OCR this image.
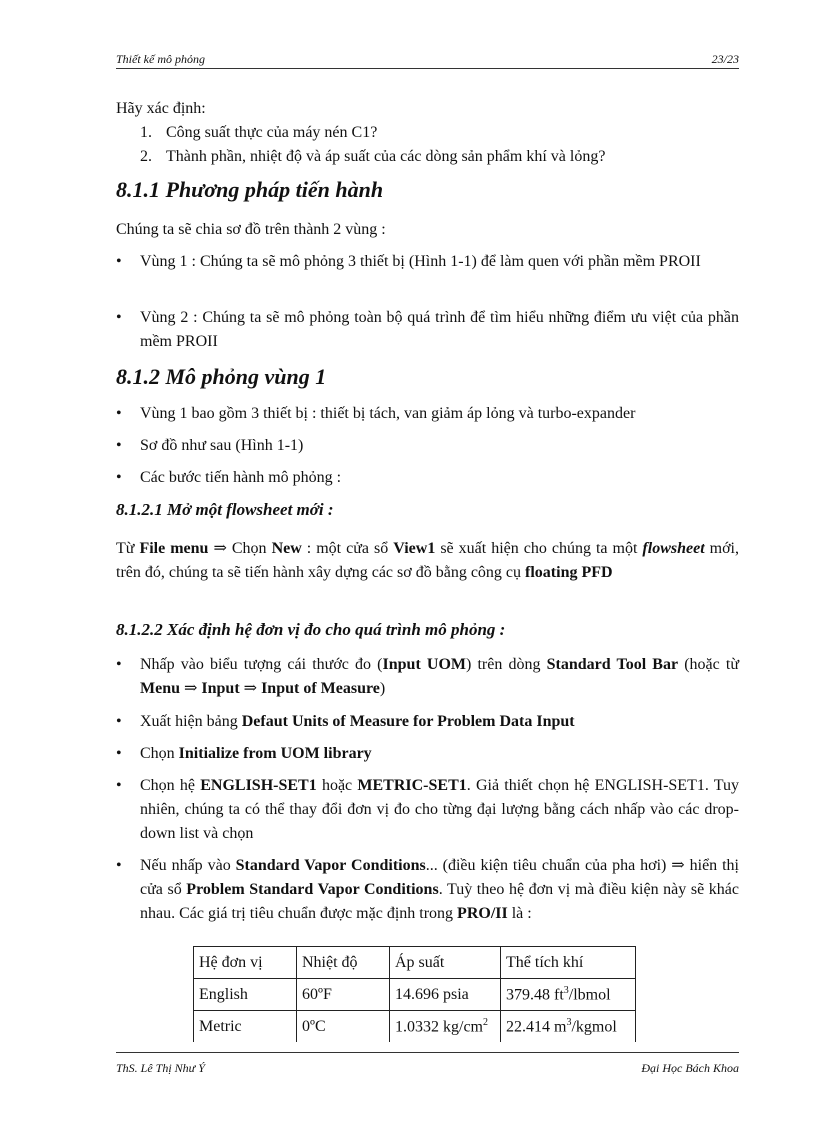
Thiết kế mô phỏng	23/23
Hãy xác định:
1. Công suất thực của máy nén C1?
2. Thành phần, nhiệt độ và áp suất của các dòng sản phẩm khí và lỏng?
8.1.1 Phương pháp tiến hành
Chúng ta sẽ chia sơ đồ trên thành 2 vùng :
• Vùng 1 : Chúng ta sẽ mô phỏng 3 thiết bị (Hình 1-1) để làm quen với phần mềm PROII
• Vùng 2 : Chúng ta sẽ mô phỏng toàn bộ quá trình để tìm hiểu những điểm ưu việt của phần mềm PROII
8.1.2 Mô phỏng vùng 1
• Vùng 1 bao gồm 3 thiết bị : thiết bị tách, van giảm áp lỏng và turbo-expander
• Sơ đồ như sau (Hình 1-1)
• Các bước tiến hành mô phỏng :
8.1.2.1 Mở một flowsheet mới :
Từ File menu ⇒ Chọn New : một cửa sổ View1 sẽ xuất hiện cho chúng ta một flowsheet mới, trên đó, chúng ta sẽ tiến hành xây dựng các sơ đồ bằng công cụ floating PFD
8.1.2.2 Xác định hệ đơn vị đo cho quá trình mô phỏng :
• Nhấp vào biểu tượng cái thước đo (Input UOM) trên dòng Standard Tool Bar (hoặc từ Menu ⇒ Input ⇒ Input of Measure)
• Xuất hiện bảng Defaut Units of Measure for Problem Data Input
• Chọn Initialize from UOM library
• Chọn hệ ENGLISH-SET1 hoặc METRIC-SET1. Giả thiết chọn hệ ENGLISH-SET1. Tuy nhiên, chúng ta có thể thay đổi đơn vị đo cho từng đại lượng bằng cách nhấp vào các drop-down list và chọn
• Nếu nhấp vào Standard Vapor Conditions... (điều kiện tiêu chuẩn của pha hơi) ⇒ hiển thị cửa sổ Problem Standard Vapor Conditions. Tuỳ theo hệ đơn vị mà điều kiện này sẽ khác nhau. Các giá trị tiêu chuẩn được mặc định trong PRO/II là :
Hệ đơn vị	Nhiệt độ	Áp suất	Thể tích khí
English	60ºF	14.696 psia	379.48 $ft^3$/lbmol
Metric	0ºC	1.0332 $kg/cm^2$	22.414 $m^3$/kgmol
ThS. Lê Thị Như Ý	Đại Học Bách Khoa
